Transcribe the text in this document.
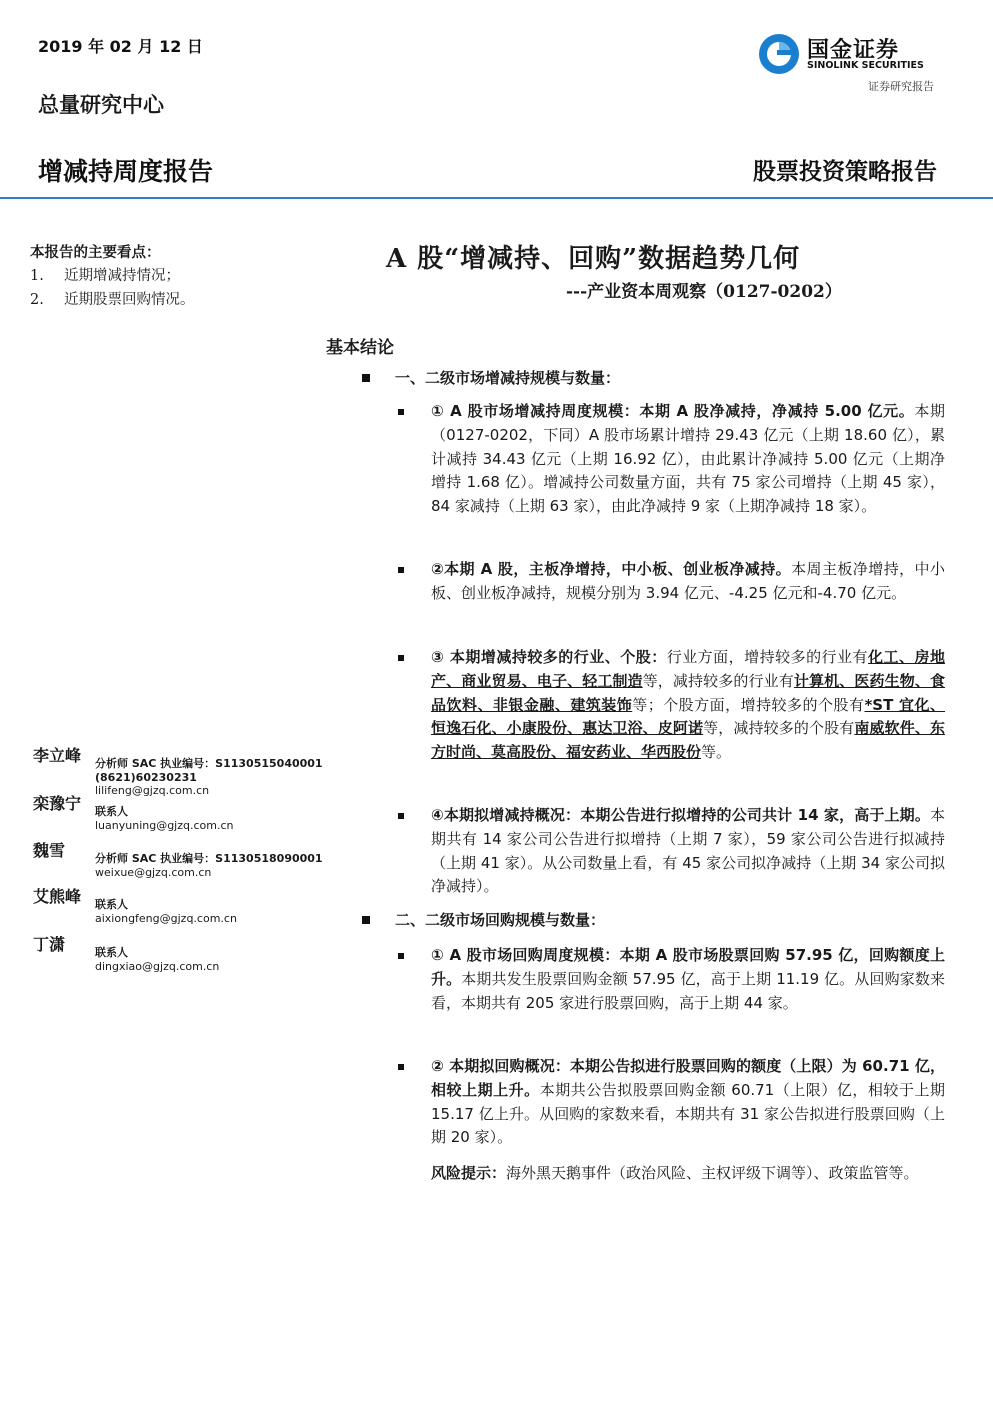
2019 年 02 月 12 日
总量研究中心
增减持周度报告	股票投资策略报告
国金证券
SINOLINK SECURITIES
证券研究报告
本报告的主要看点：
1. 近期增减持情况；
2. 近期股票回购情况。
李立峰 分析师 SAC 执业编号：S1130515040001
(8621)60230231
lilifeng@gjzq.com.cn
栾豫宁 联系人
luanyuning@gjzq.com.cn
魏雪	分析师 SAC 执业编号：S1130518090001
weixue@gjzq.com.cn
艾熊峰 联系人
aixiongfeng@gjzq.com.cn
丁潇	联系人
dingxiao@gjzq.com.cn
A 股“增减持、回购”数据趋势几何
---产业资本周观察（0127-0202）
基本结论
一、二级市场增减持规模与数量：
① A 股市场增减持周度规模：本期 A 股净减持，净减持 5.00 亿元。本期（0127-0202，下同）A 股市场累计增持 29.43 亿元（上期 18.60 亿），累计减持 34.43 亿元（上期 16.92 亿），由此累计净减持 5.00 亿元（上期净增持 1.68 亿）。增减持公司数量方面，共有 75 家公司增持（上期 45 家），84 家减持（上期 63 家），由此净减持 9 家（上期净减持 18 家）。
②本期 A 股，主板净增持，中小板、创业板净减持。本周主板净增持，中小板、创业板净减持，规模分别为 3.94 亿元、-4.25 亿元和-4.70 亿元。
③ 本期增减持较多的行业、个股：行业方面，增持较多的行业有化工、房地产、商业贸易、电子、轻工制造等，减持较多的行业有计算机、医药生物、食品饮料、非银金融、建筑装饰等；个股方面，增持较多的个股有*ST 宜化、恒逸石化、小康股份、惠达卫浴、皮阿诺等，减持较多的个股有南威软件、东方时尚、莫高股份、福安药业、华西股份等。
④本期拟增减持概况：本期公告进行拟增持的公司共计 14 家，高于上期。本期共有 14 家公司公告进行拟增持（上期 7 家），59 家公司公告进行拟减持（上期 41 家）。从公司数量上看，有 45 家公司拟净减持（上期 34 家公司拟净减持）。
二、二级市场回购规模与数量：
① A 股市场回购周度规模：本期 A 股市场股票回购 57.95 亿，回购额度上升。本期共发生股票回购金额 57.95 亿，高于上期 11.19 亿。从回购家数来看，本期共有 205 家进行股票回购，高于上期 44 家。
② 本期拟回购概况：本期公告拟进行股票回购的额度（上限）为 60.71 亿，相较上期上升。本期共公告拟股票回购金额 60.71（上限）亿，相较于上期 15.17 亿上升。从回购的家数来看，本期共有 31 家公告拟进行股票回购（上期 20 家）。
风险提示：海外黑天鹅事件（政治风险、主权评级下调等）、政策监管等。
